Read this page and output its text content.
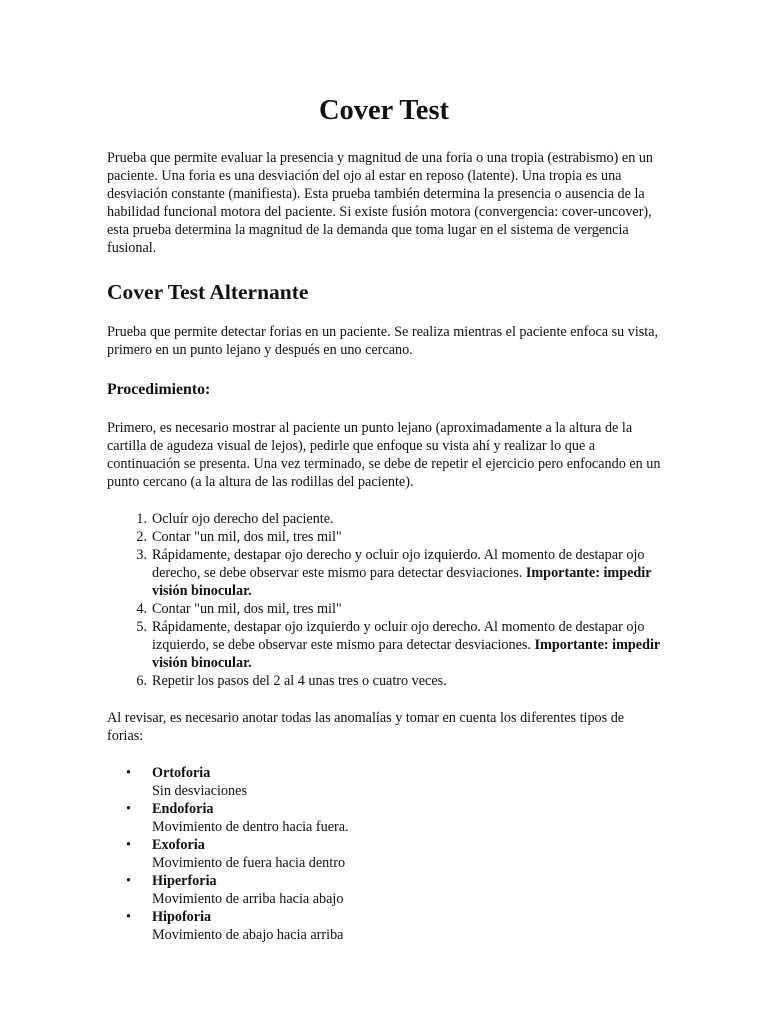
Cover Test

Prueba que permite evaluar la presencia y magnitud de una foria o una tropia (estrabismo) en un paciente. Una foria es una desviación del ojo al estar en reposo (latente). Una tropia es una desviación constante (manifiesta). Esta prueba también determina la presencia o ausencia de la habilidad funcional motora del paciente. Si existe fusión motora (convergencia: cover-uncover), esta prueba determina la magnitud de la demanda que toma lugar en el sistema de vergencia fusional.

Cover Test Alternante

Prueba que permite detectar forias en un paciente. Se realiza mientras el paciente enfoca su vista, primero en un punto lejano y después en uno cercano.

Procedimiento:

Primero, es necesario mostrar al paciente un punto lejano (aproximadamente a la altura de la cartilla de agudeza visual de lejos), pedirle que enfoque su vista ahí y realizar lo que a continuación se presenta. Una vez terminado, se debe de repetir el ejercicio pero enfocando en un punto cercano (a la altura de las rodillas del paciente).

1. Ocluír ojo derecho del paciente.
2. Contar "un mil, dos mil, tres mil"
3. Rápidamente, destapar ojo derecho y ocluir ojo izquierdo. Al momento de destapar ojo derecho, se debe observar este mismo para detectar desviaciones. Importante: impedir visión binocular.
4. Contar "un mil, dos mil, tres mil"
5. Rápidamente, destapar ojo izquierdo y ocluir ojo derecho. Al momento de destapar ojo izquierdo, se debe observar este mismo para detectar desviaciones. Importante: impedir visión binocular.
6. Repetir los pasos del 2 al 4 unas tres o cuatro veces.

Al revisar, es necesario anotar todas las anomalías y tomar en cuenta los diferentes tipos de forias:

• Ortoforia
Sin desviaciones
• Endoforia
Movimiento de dentro hacia fuera.
• Exoforia
Movimiento de fuera hacia dentro
• Hiperforia
Movimiento de arriba hacia abajo
• Hipoforia
Movimiento de abajo hacia arriba
